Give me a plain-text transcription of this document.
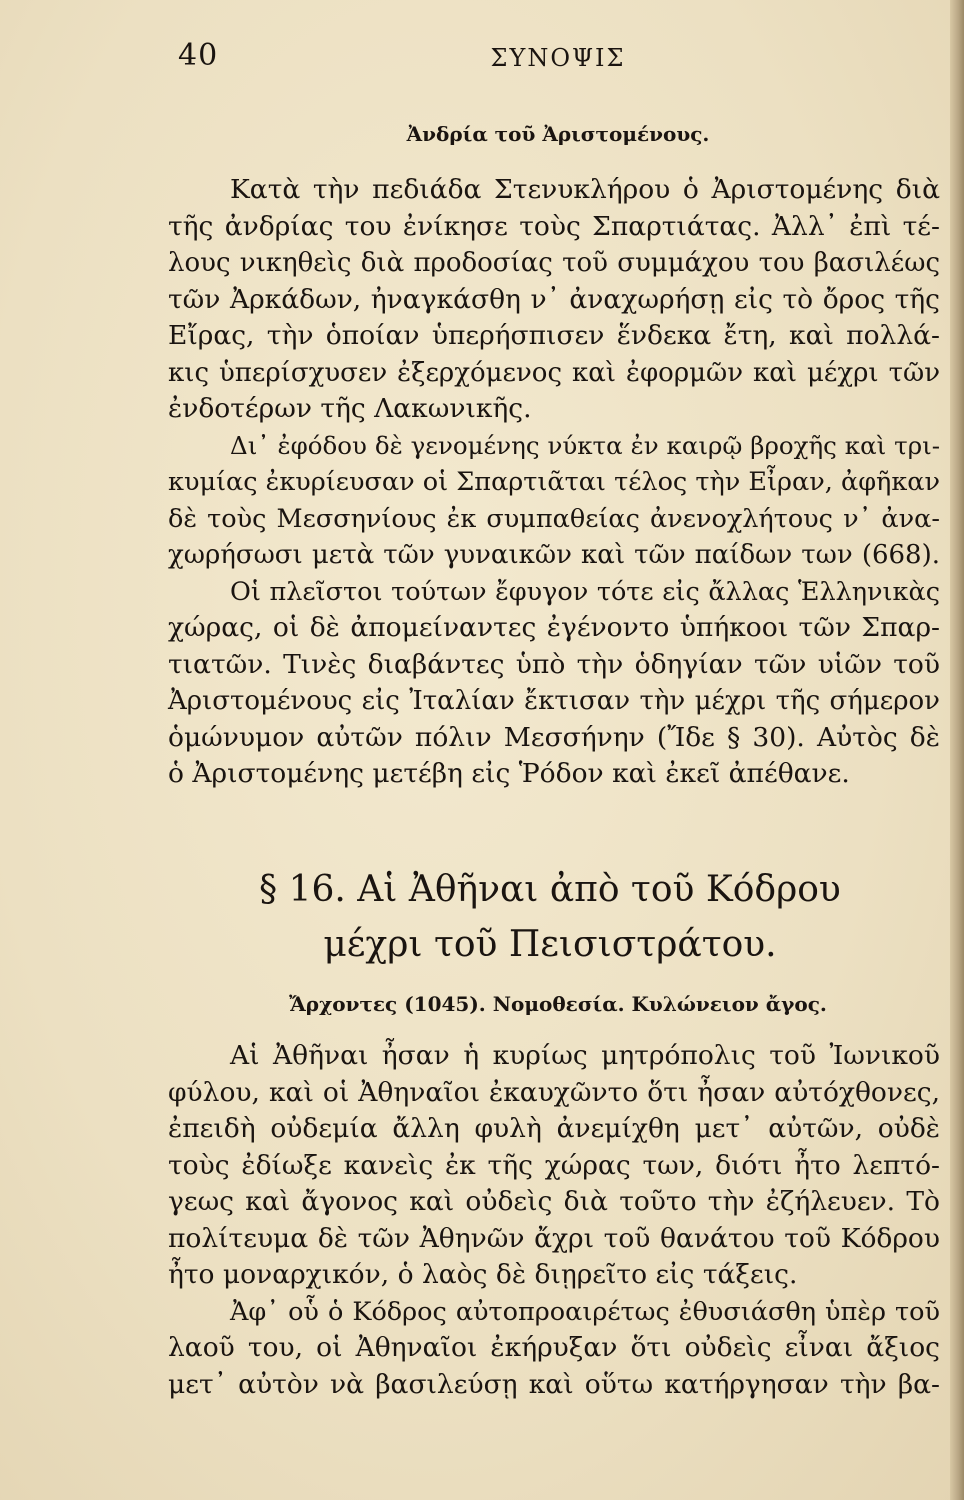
40	ΣΥΝΟΨΙΣ
Ἀνδρία τοῦ Ἀριστομένους.
Κατὰ τὴν πεδιάδα Στενυκλήρου ὁ Ἀριστομένης διὰ
τῆς ἀνδρίας του ἐνίκησε τοὺς Σπαρτιάτας. Ἀλλ᾽ ἐπὶ τέ-
λους νικηθεὶς διὰ προδοσίας τοῦ συμμάχου του βασιλέως
τῶν Ἀρκάδων, ἠναγκάσθη ν᾽ ἀναχωρήσῃ εἰς τὸ ὄρος τῆς
Εἴρας, τὴν ὁποίαν ὑπερήσπισεν ἕνδεκα ἔτη, καὶ πολλά-
κις ὑπερίσχυσεν ἐξερχόμενος καὶ ἐφορμῶν καὶ μέχρι τῶν
ἐνδοτέρων τῆς Λακωνικῆς.
Δι᾽ ἐφόδου δὲ γενομένης νύκτα ἐν καιρῷ βροχῆς καὶ τρι-
κυμίας ἐκυρίευσαν οἱ Σπαρτιᾶται τέλος τὴν Εἶραν, ἀφῆκαν
δὲ τοὺς Μεσσηνίους ἐκ συμπαθείας ἀνενοχλήτους ν᾽ ἀνα-
χωρήσωσι μετὰ τῶν γυναικῶν καὶ τῶν παίδων των (668).
Οἱ πλεῖστοι τούτων ἔφυγον τότε εἰς ἄλλας Ἑλληνικὰς
χώρας, οἱ δὲ ἀπομείναντες ἐγένοντο ὑπήκοοι τῶν Σπαρ-
τιατῶν. Τινὲς διαβάντες ὑπὸ τὴν ὁδηγίαν τῶν υἱῶν τοῦ
Ἀριστομένους εἰς Ἰταλίαν ἔκτισαν τὴν μέχρι τῆς σήμερον
ὁμώνυμον αὐτῶν πόλιν Μεσσήνην (Ἴδε § 30). Αὐτὸς δὲ
ὁ Ἀριστομένης μετέβη εἰς Ῥόδον καὶ ἐκεῖ ἀπέθανε.
§ 16. Αἱ Ἀθῆναι ἀπὸ τοῦ Κόδρου
μέχρι τοῦ Πεισιστράτου.
Ἄρχοντες (1045). Νομοθεσία. Κυλώνειον ἄγος.
Αἱ Ἀθῆναι ἦσαν ἡ κυρίως μητρόπολις τοῦ Ἰωνικοῦ
φύλου, καὶ οἱ Ἀθηναῖοι ἐκαυχῶντο ὅτι ἦσαν αὐτόχθονες,
ἐπειδὴ οὐδεμία ἄλλη φυλὴ ἀνεμίχθη μετ᾽ αὐτῶν, οὐδὲ
τοὺς ἐδίωξε κανεὶς ἐκ τῆς χώρας των, διότι ἦτο λεπτό-
γεως καὶ ἄγονος καὶ οὐδεὶς διὰ τοῦτο τὴν ἐζήλευεν. Τὸ
πολίτευμα δὲ τῶν Ἀθηνῶν ἄχρι τοῦ θανάτου τοῦ Κόδρου
ἦτο μοναρχικόν, ὁ λαὸς δὲ διῃρεῖτο εἰς τάξεις.
Ἀφ᾽ οὗ ὁ Κόδρος αὐτοπροαιρέτως ἐθυσιάσθη ὑπὲρ τοῦ
λαοῦ του, οἱ Ἀθηναῖοι ἐκήρυξαν ὅτι οὐδεὶς εἶναι ἄξιος
μετ᾽ αὐτὸν νὰ βασιλεύσῃ καὶ οὕτω κατήργησαν τὴν βα-
